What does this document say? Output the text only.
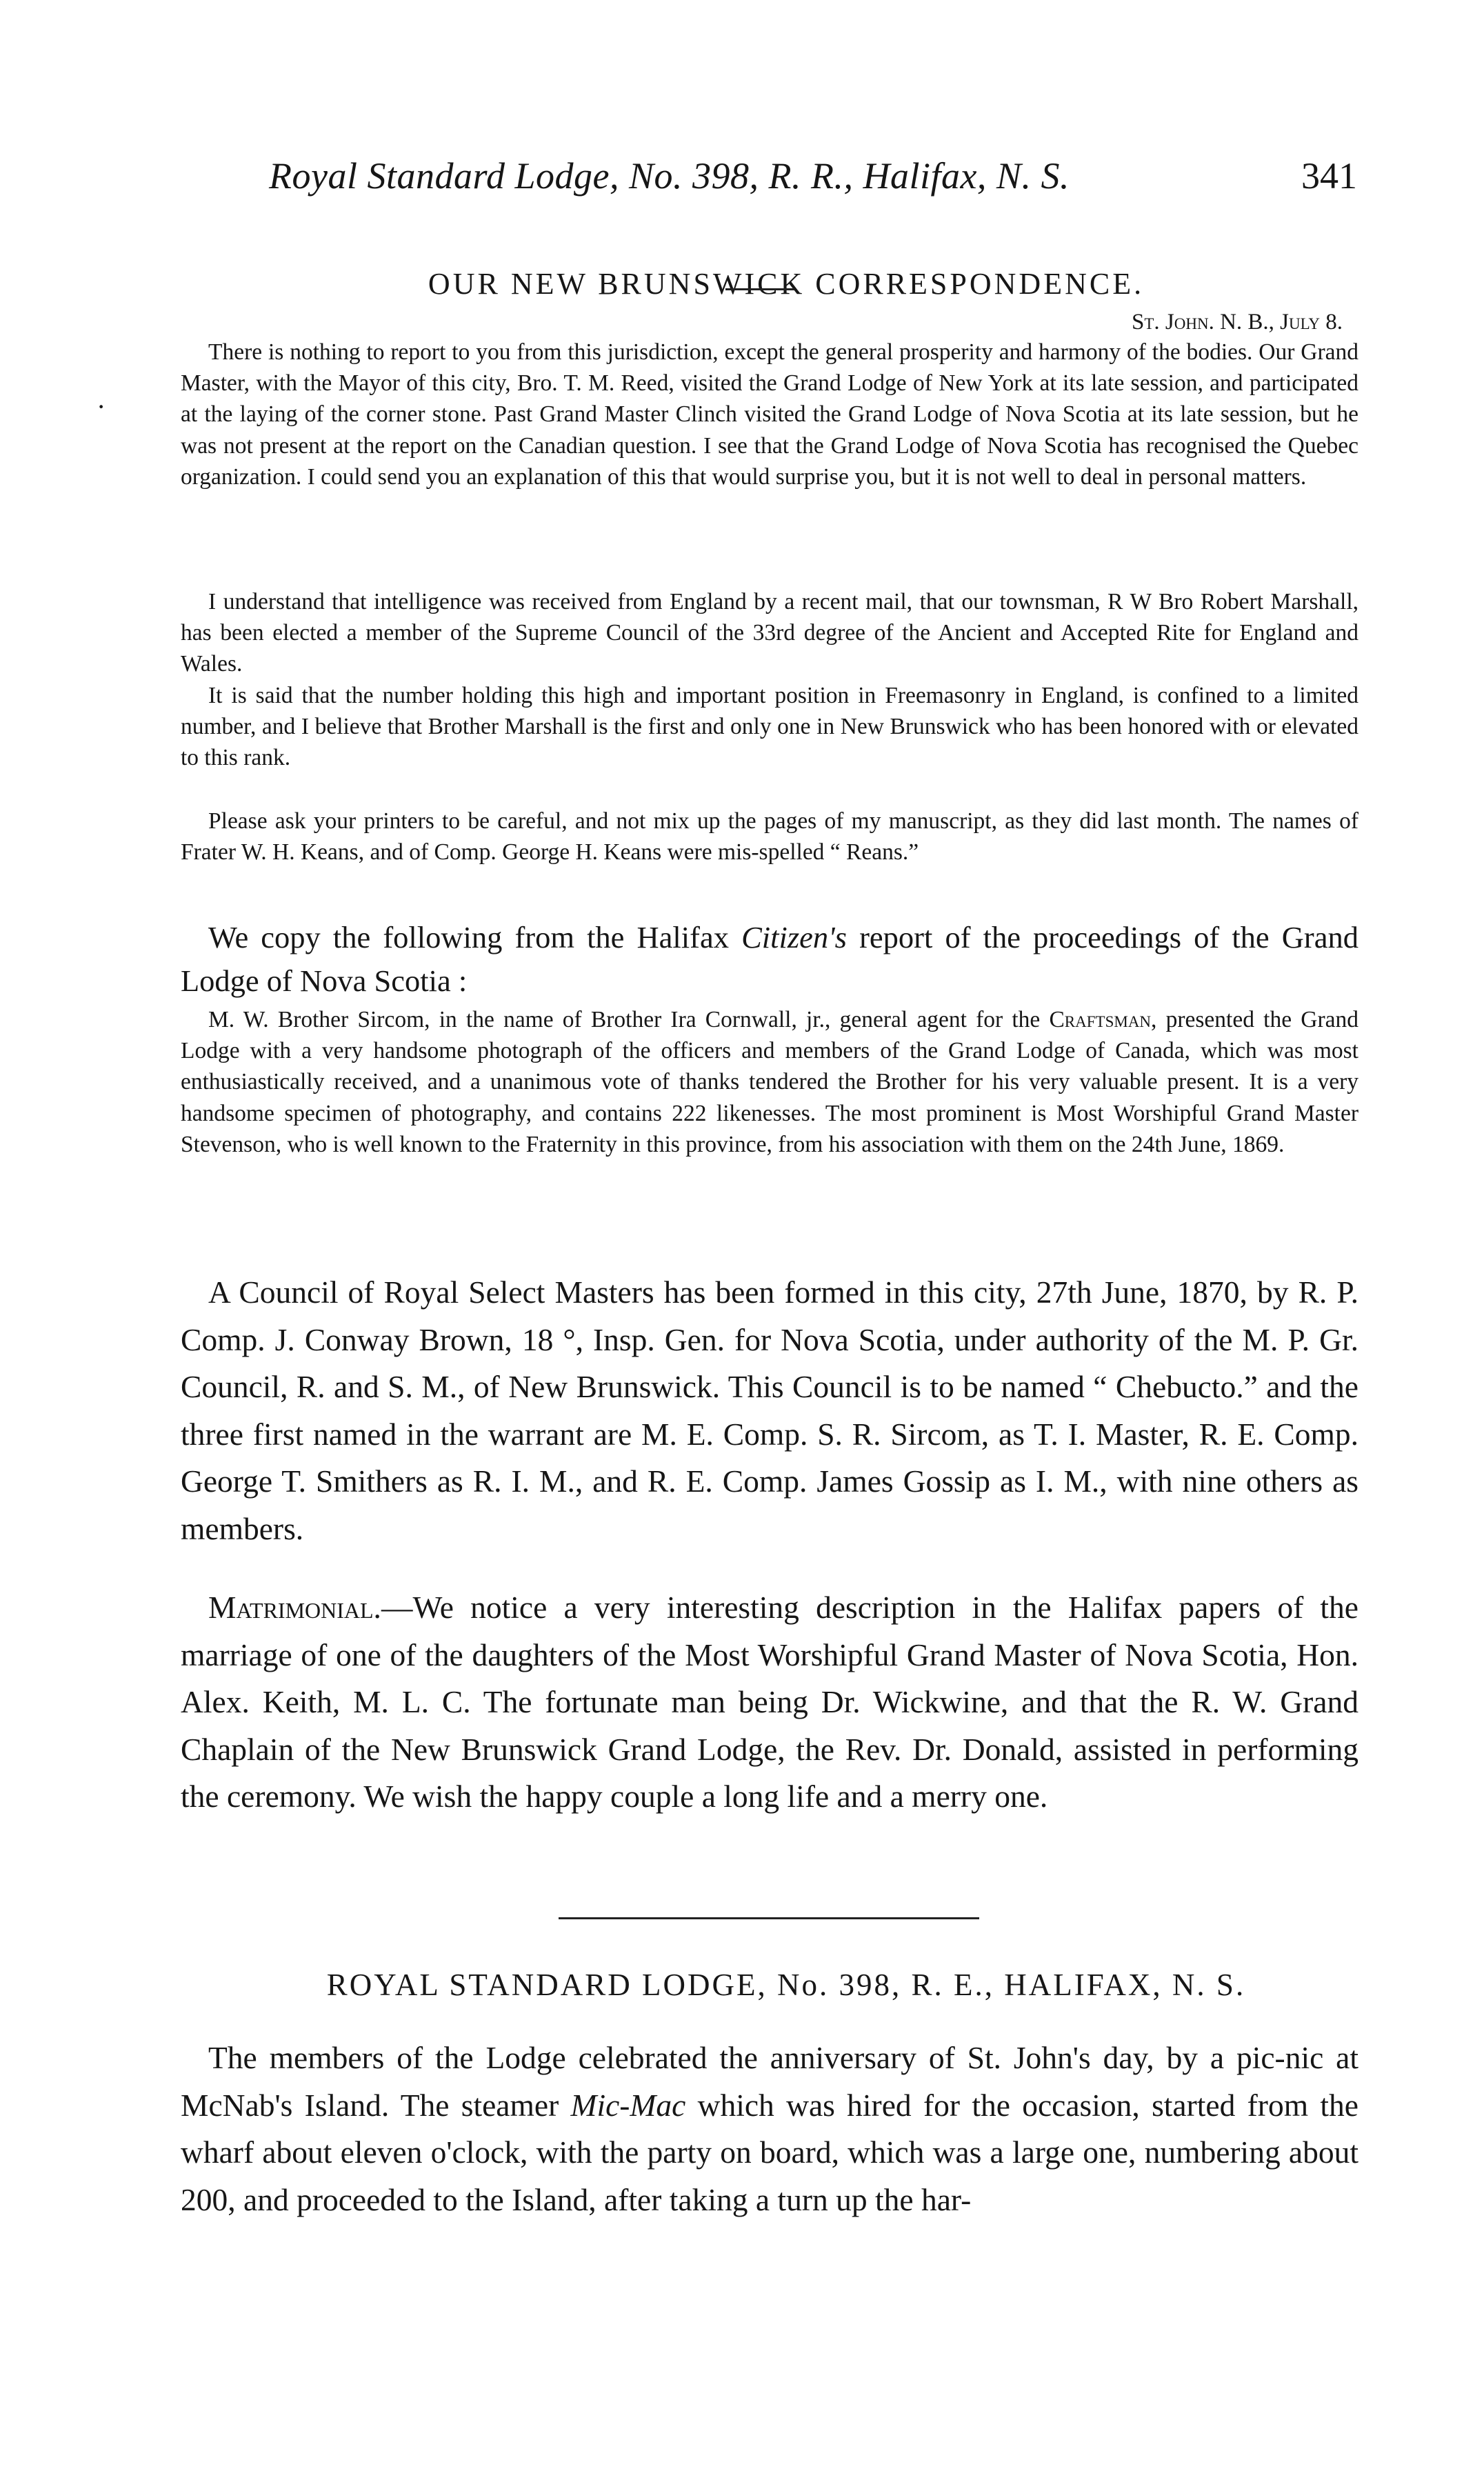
Royal Standard Lodge, No. 398, R. R., Halifax, N. S.	341
OUR NEW BRUNSWICK CORRESPONDENCE.
St. John. N. B., July 8.
·

There is nothing to report to you from this jurisdiction, except the general prosperity and harmony of the bodies. Our Grand Master, with the Mayor of this city, Bro. T. M. Reed, visited the Grand Lodge of New York at its late session, and participated at the laying of the corner stone. Past Grand Master Clinch visited the Grand Lodge of Nova Scotia at its late session, but he was not present at the report on the Canadian question. I see that the Grand Lodge of Nova Scotia has recognised the Quebec organization. I could send you an explanation of this that would surprise you, but it is not well to deal in personal matters.

I understand that intelligence was received from England by a recent mail, that our townsman, R W Bro Robert Marshall, has been elected a member of the Supreme Council of the 33rd degree of the Ancient and Accepted Rite for England and Wales.

It is said that the number holding this high and important position in Freemasonry in England, is confined to a limited number, and I believe that Brother Marshall is the first and only one in New Brunswick who has been honored with or elevated to this rank.

Please ask your printers to be careful, and not mix up the pages of my manuscript, as they did last month. The names of Frater W. H. Keans, and of Comp. George H. Keans were mis-spelled “ Reans.”

We copy the following from the Halifax Citizen's report of the proceedings of the Grand Lodge of Nova Scotia :

M. W. Brother Sircom, in the name of Brother Ira Cornwall, jr., general agent for the Craftsman, presented the Grand Lodge with a very handsome photograph of the officers and members of the Grand Lodge of Canada, which was most enthusiastically received, and a unanimous vote of thanks tendered the Brother for his very valuable present. It is a very handsome specimen of photography, and contains 222 likenesses. The most prominent is Most Worshipful Grand Master Stevenson, who is well known to the Fraternity in this province, from his association with them on the 24th June, 1869.

A Council of Royal Select Masters has been formed in this city, 27th June, 1870, by R. P. Comp. J. Conway Brown, 18 °, Insp. Gen. for Nova Scotia, under authority of the M. P. Gr. Council, R. and S. M., of New Brunswick. This Council is to be named “ Chebucto.” and the three first named in the warrant are M. E. Comp. S. R. Sircom, as T. I. Master, R. E. Comp. George T. Smithers as R. I. M., and R. E. Comp. James Gossip as I. M., with nine others as members.

Matrimonial.—We notice a very interesting description in the Halifax papers of the marriage of one of the daughters of the Most Worshipful Grand Master of Nova Scotia, Hon. Alex. Keith, M. L. C. The fortunate man being Dr. Wickwine, and that the R. W. Grand Chaplain of the New Brunswick Grand Lodge, the Rev. Dr. Donald, assisted in performing the ceremony. We wish the happy couple a long life and a merry one.

ROYAL STANDARD LODGE, No. 398, R. E., HALIFAX, N. S.

The members of the Lodge celebrated the anniversary of St. John's day, by a pic-nic at McNab's Island. The steamer Mic-Mac which was hired for the occasion, started from the wharf about eleven o'clock, with the party on board, which was a large one, numbering about 200, and proceeded to the Island, after taking a turn up the har-
